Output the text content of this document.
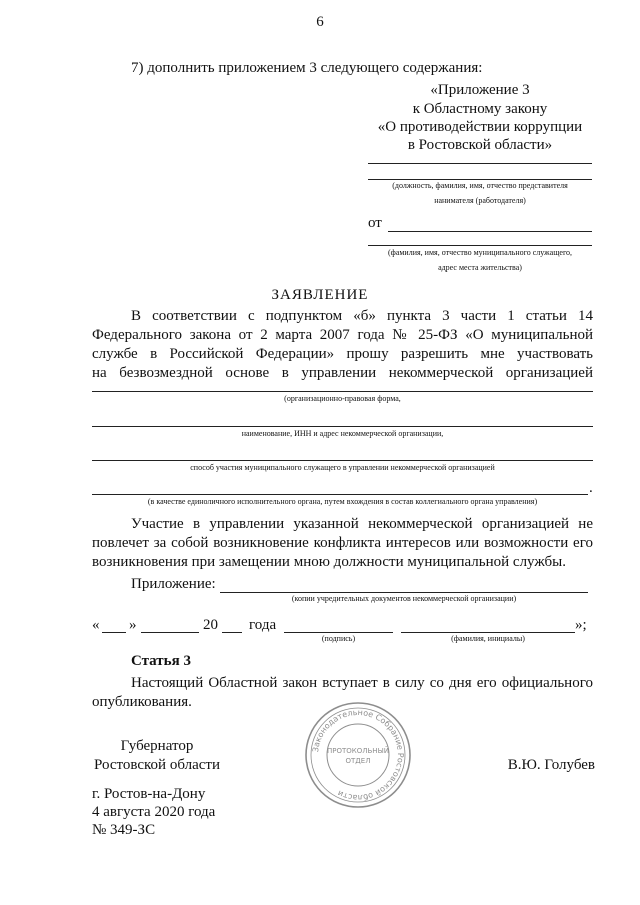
6
7) дополнить приложением 3 следующего содержания:
«Приложение 3
к Областному закону
«О противодействии коррупции
в Ростовской области»
(должность, фамилия, имя, отчество представителя
нанимателя (работодателя)
от
(фамилия, имя, отчество муниципального служащего,
адрес места жительства)
ЗАЯВЛЕНИЕ
В соответствии с подпунктом «б» пункта 3 части 1 статьи 14
Федерального закона от 2 марта 2007 года № 25-ФЗ «О муниципальной
службе в Российской Федерации» прошу разрешить мне участвовать
на безвозмездной основе в управлении некоммерческой организацией
(организационно-правовая форма,
наименование, ИНН и адрес некоммерческой организации,
способ участия муниципального служащего в управлении некоммерческой организацией
.
(в качестве единоличного исполнительного органа, путем вхождения в состав коллегиального органа управления)
Участие в управлении указанной некоммерческой организацией не
повлечет за собой возникновение конфликта интересов или возможности его
возникновения при замещении мною должности муниципальной службы.
Приложение:
(копии учредительных документов некоммерческой организации)
« »	20 года	»;
(подпись)	(фамилия, инициалы)
Статья 3
Настоящий Областной закон вступает в силу со дня его официального
опубликования.
Губернатор
Ростовской области	В.Ю. Голубев
г. Ростов-на-Дону
4 августа 2020 года
№ 349-ЗС
Законодательное Собрание Ростовской области
ПРОТОКОЛЬНЫЙ
ОТДЕЛ
